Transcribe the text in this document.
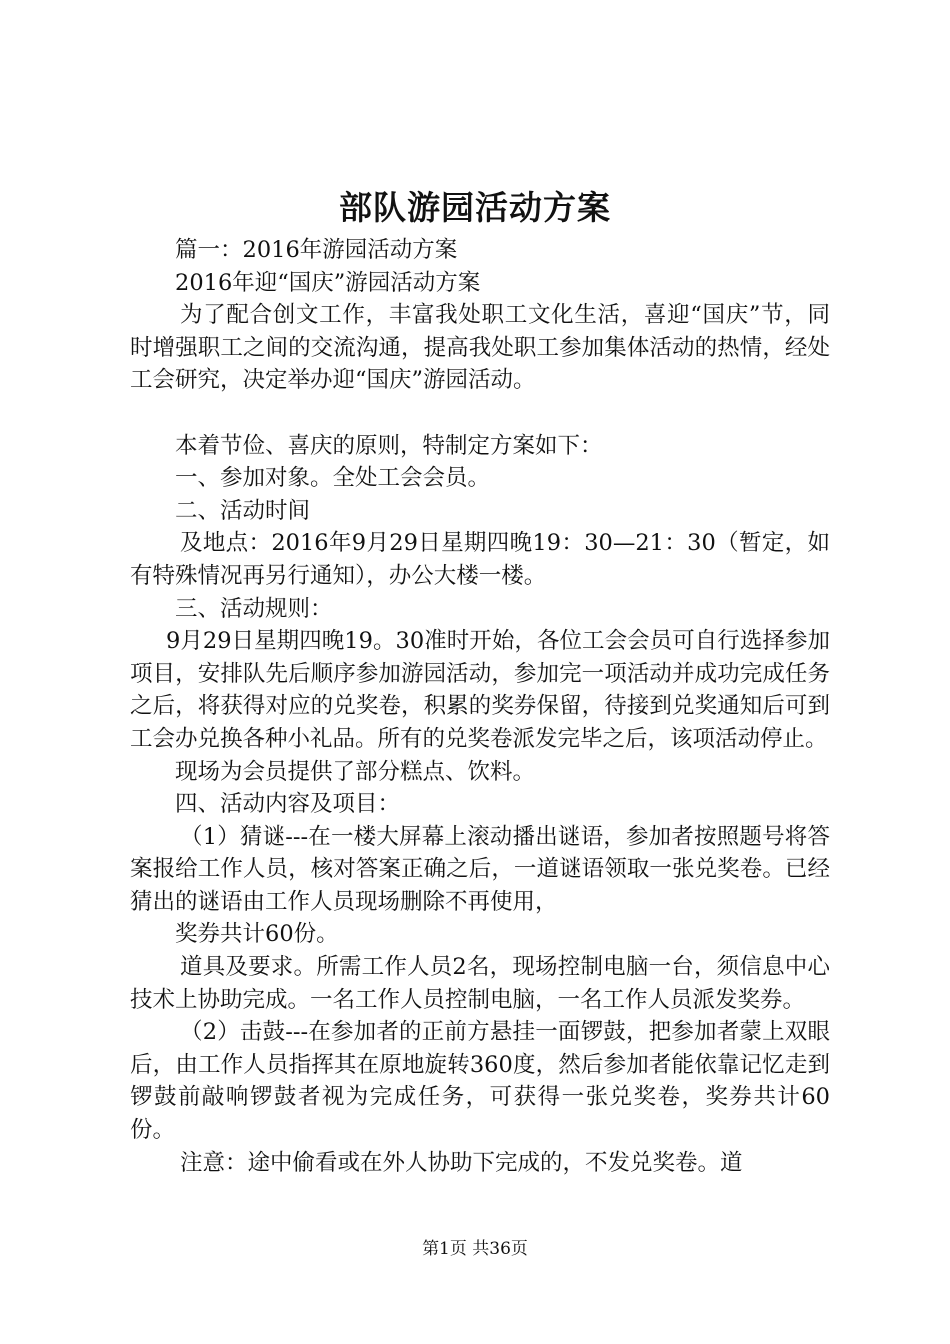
部队游园活动方案

篇一：2016年游园活动方案

2016年迎“国庆”游园活动方案

为了配合创文工作，丰富我处职工文化生活，喜迎“国庆”节，同时增强职工之间的交流沟通，提高我处职工参加集体活动的热情，经处工会研究，决定举办迎“国庆”游园活动。

本着节俭、喜庆的原则，特制定方案如下：

一、参加对象。全处工会会员。

二、活动时间

及地点：2016年9月29日星期四晚19：30—21：30（暂定，如有特殊情况再另行通知），办公大楼一楼。

三、活动规则：

9月29日星期四晚19。30准时开始，各位工会会员可自行选择参加项目，安排队先后顺序参加游园活动，参加完一项活动并成功完成任务之后，将获得对应的兑奖卷，积累的奖券保留，待接到兑奖通知后可到工会办兑换各种小礼品。所有的兑奖卷派发完毕之后，该项活动停止。

现场为会员提供了部分糕点、饮料。

四、活动内容及项目：

（1）猜谜---在一楼大屏幕上滚动播出谜语，参加者按照题号将答案报给工作人员，核对答案正确之后，一道谜语领取一张兑奖卷。已经猜出的谜语由工作人员现场删除不再使用，

奖券共计60份。

道具及要求。所需工作人员2名，现场控制电脑一台，须信息中心技术上协助完成。一名工作人员控制电脑，一名工作人员派发奖券。

（2）击鼓---在参加者的正前方悬挂一面锣鼓，把参加者蒙上双眼后，由工作人员指挥其在原地旋转360度，然后参加者能依靠记忆走到锣鼓前敲响锣鼓者视为完成任务，可获得一张兑奖卷，奖券共计60份。

注意：途中偷看或在外人协助下完成的，不发兑奖卷。道

第1页 共36页
